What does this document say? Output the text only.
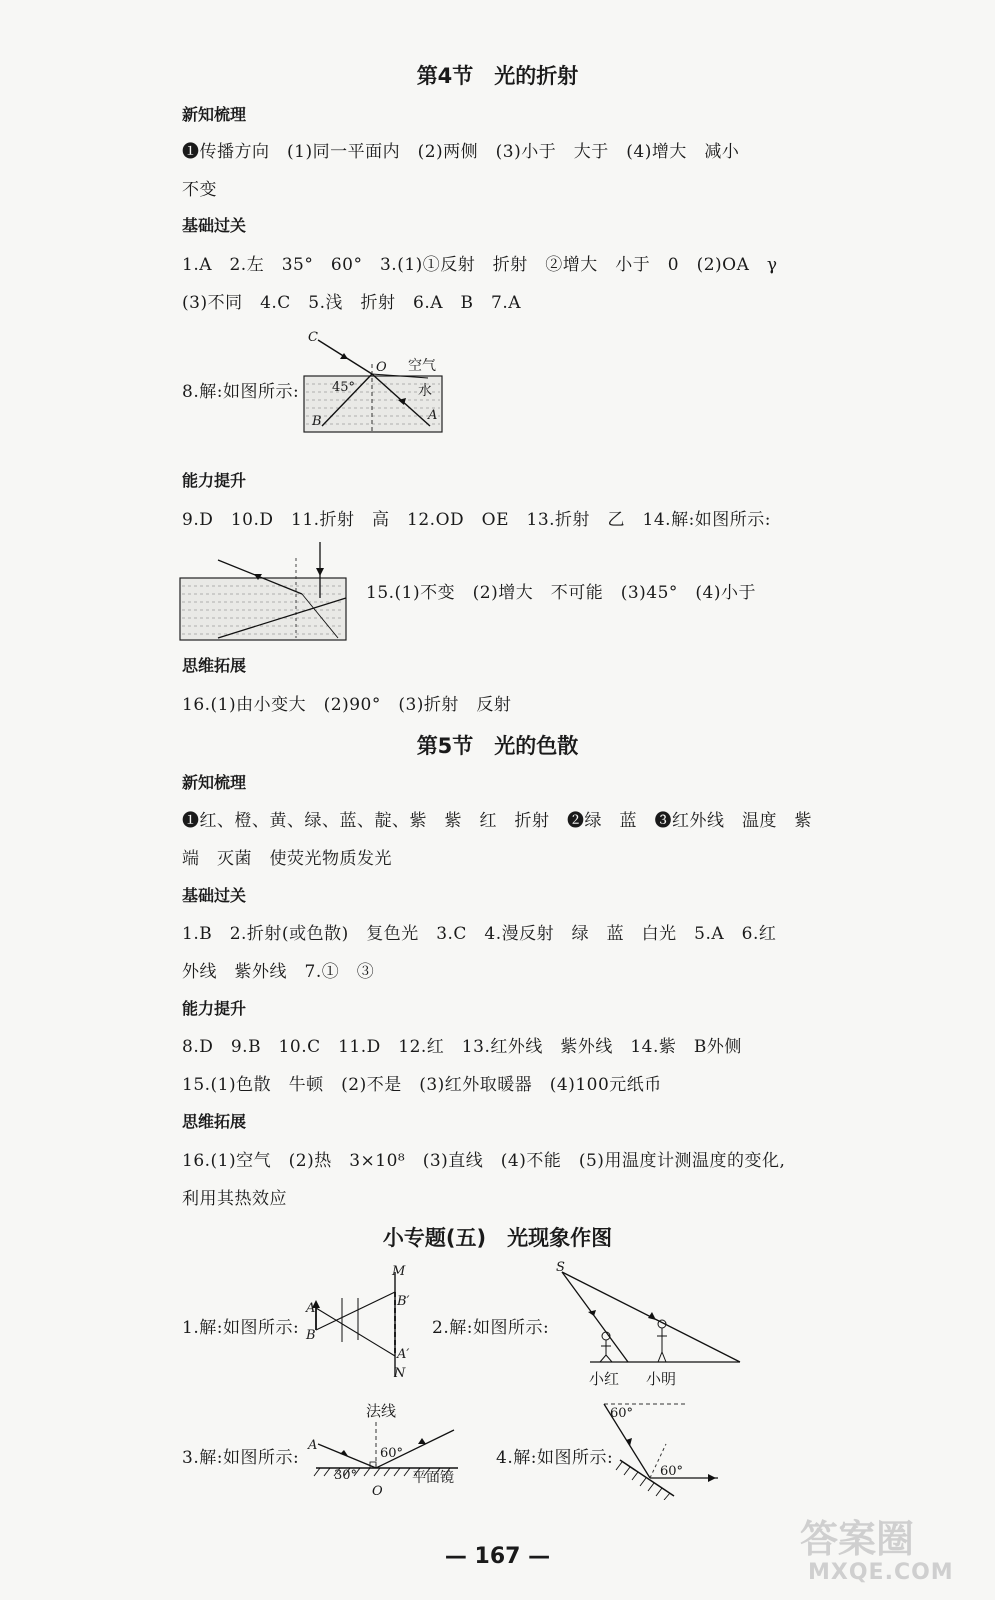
第4节　光的折射
新知梳理
❶传播方向　(1)同一平面内　(2)两侧　(3)小于　大于　(4)增大　减小
不变
基础过关
1.A　2.左　35°　60°　3.(1)①反射　折射　②增大　小于　0　(2)OA　γ
(3)不同　4.C　5.浅　折射　6.A　B　7.A
8.解:如图所示:
C
O 空气
水
45°
B	A
能力提升
9.D　10.D　11.折射　高　12.OD　OE　13.折射　乙　14.解:如图所示:
15.(1)不变　(2)增大　不可能　(3)45°　(4)小于
思维拓展
16.(1)由小变大　(2)90°　(3)折射　反射
第5节　光的色散
新知梳理
❶红、橙、黄、绿、蓝、靛、紫　紫　红　折射　❷绿　蓝　❸红外线　温度　紫
端　灭菌　使荧光物质发光
基础过关
1.B　2.折射(或色散)　复色光　3.C　4.漫反射　绿　蓝　白光　5.A　6.红
外线　紫外线　7.①　③
能力提升
8.D　9.B　10.C　11.D　12.红　13.红外线　紫外线　14.紫　B外侧
15.(1)色散　牛顿　(2)不是　(3)红外取暖器　(4)100元纸币
思维拓展
16.(1)空气　(2)热　3×10⁸　(3)直线　(4)不能　(5)用温度计测温度的变化,
利用其热效应
小专题(五)　光现象作图
1.解:如图所示:
M
B′
A
B
A′
N
2.解:如图所示:
S
小红 小明
3.解:如图所示:
法线
A
60°
30°	平面镜
O
4.解:如图所示:
60°
60°
— 167 —	答案圈
MXQE.COM
